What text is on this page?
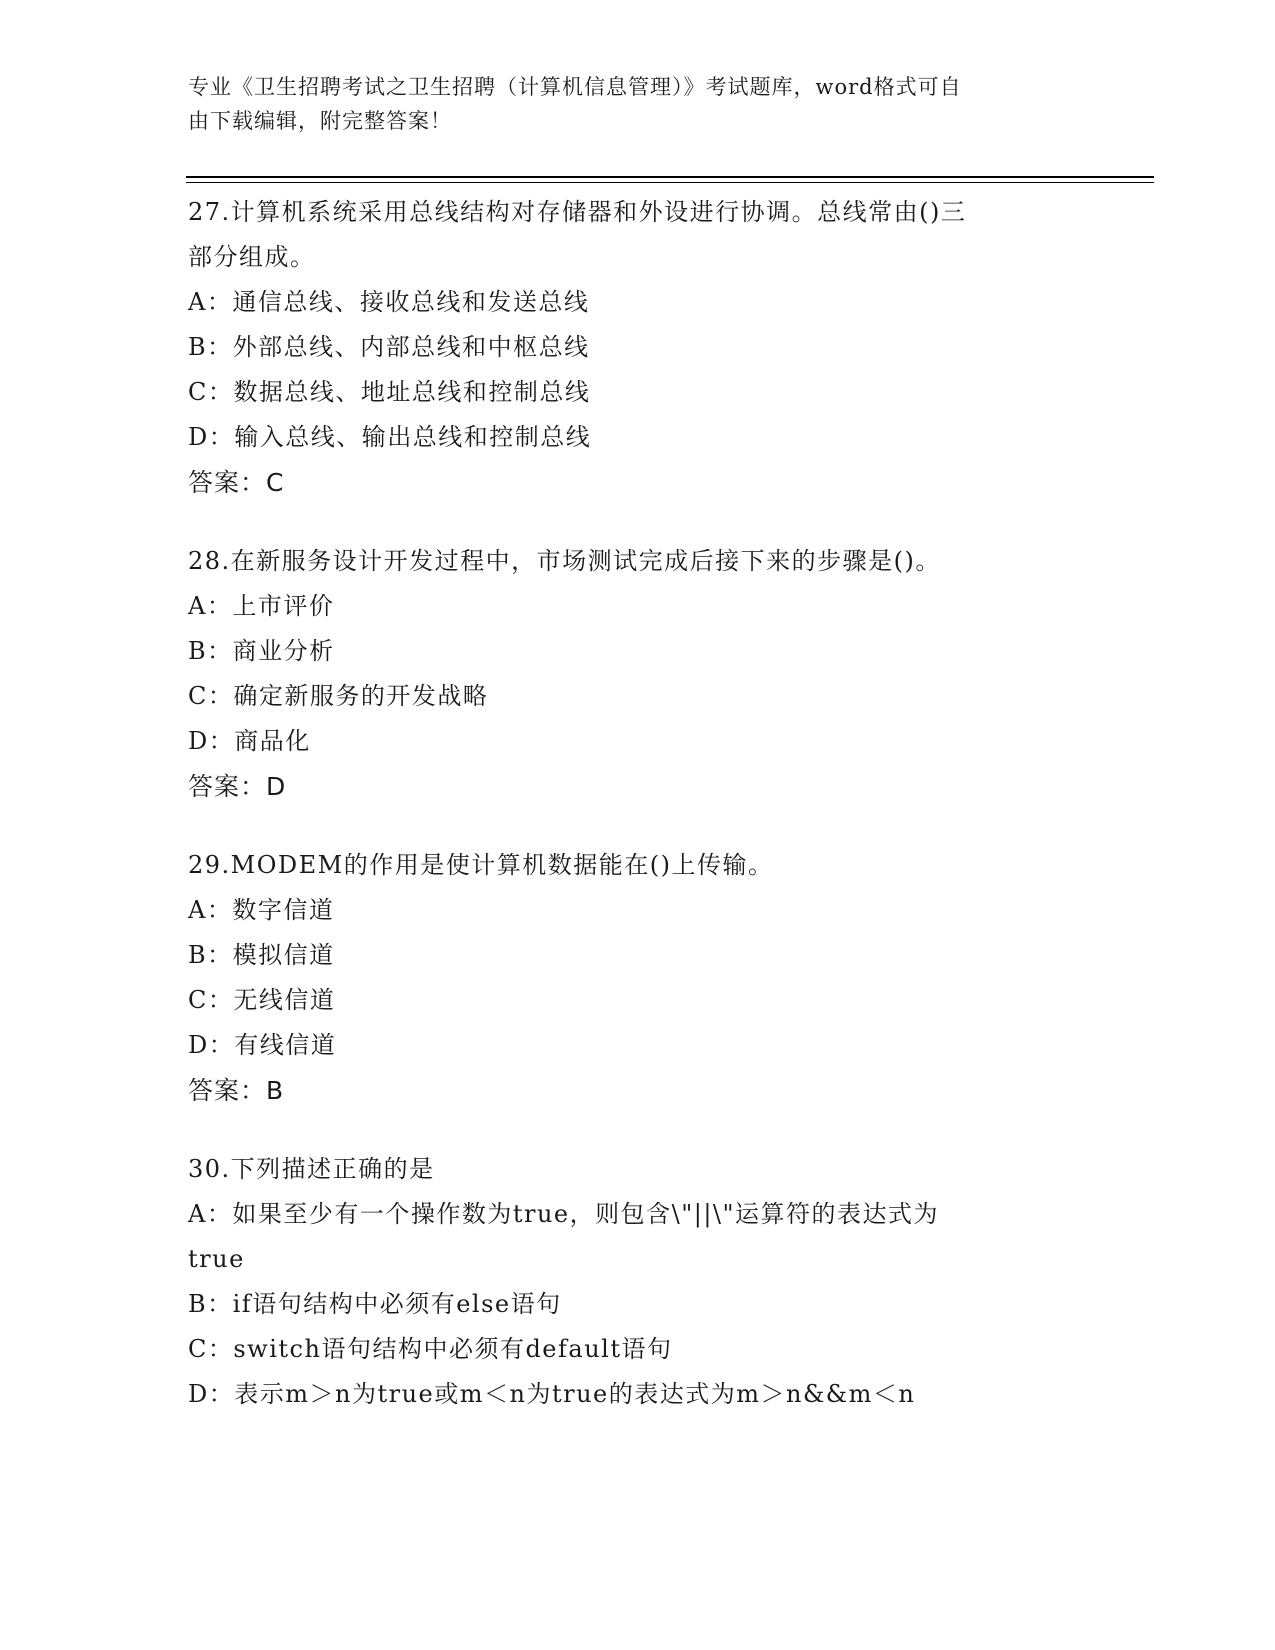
专业《卫生招聘考试之卫生招聘（计算机信息管理）》考试题库，word格式可自
由下载编辑，附完整答案！
27.计算机系统采用总线结构对存储器和外设进行协调。总线常由()三
部分组成。
A：通信总线、接收总线和发送总线
B：外部总线、内部总线和中枢总线
C：数据总线、地址总线和控制总线
D：输入总线、输出总线和控制总线
答案：C
28.在新服务设计开发过程中，市场测试完成后接下来的步骤是()。
A：上市评价
B：商业分析
C：确定新服务的开发战略
D：商品化
答案：D
29.MODEM的作用是使计算机数据能在()上传输。
A：数字信道
B：模拟信道
C：无线信道
D：有线信道
答案：B
30.下列描述正确的是
A：如果至少有一个操作数为true，则包含\"||\"运算符的表达式为
true
B：if语句结构中必须有else语句
C：switch语句结构中必须有default语句
D：表示m＞n为true或m＜n为true的表达式为m＞n&&m＜n
